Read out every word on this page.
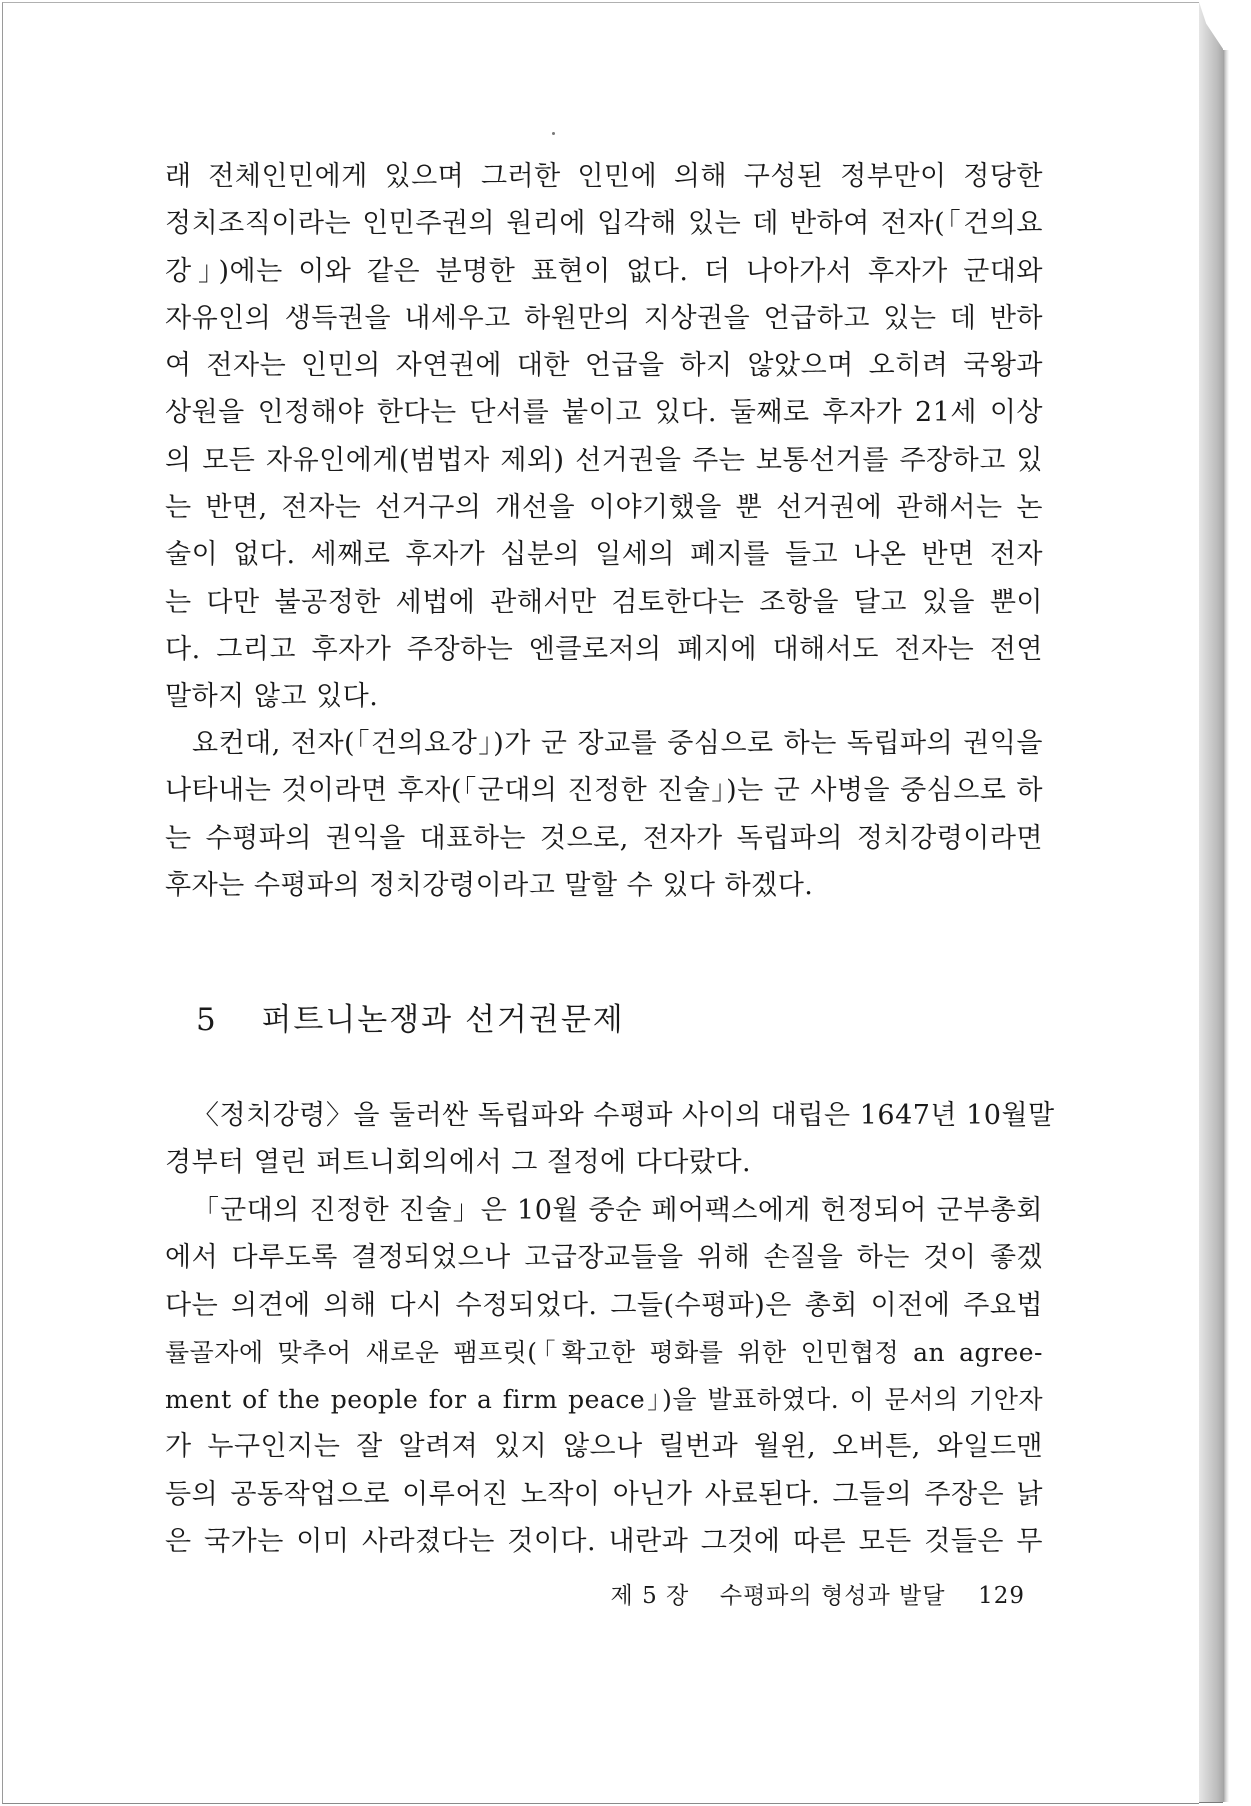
래 전체인민에게 있으며 그러한 인민에 의해 구성된 정부만이 정당한
정치조직이라는 인민주권의 원리에 입각해 있는 데 반하여 전자(「건의요
강」)에는 이와 같은 분명한 표현이 없다. 더 나아가서 후자가 군대와
자유인의 생득권을 내세우고 하원만의 지상권을 언급하고 있는 데 반하
여 전자는 인민의 자연권에 대한 언급을 하지 않았으며 오히려 국왕과
상원을 인정해야 한다는 단서를 붙이고 있다. 둘째로 후자가 21세 이상
의 모든 자유인에게(범법자 제외) 선거권을 주는 보통선거를 주장하고 있
는 반면, 전자는 선거구의 개선을 이야기했을 뿐 선거권에 관해서는 논
술이 없다. 세째로 후자가 십분의 일세의 폐지를 들고 나온 반면 전자
는 다만 불공정한 세법에 관해서만 검토한다는 조항을 달고 있을 뿐이
다. 그리고 후자가 주장하는 엔클로저의 폐지에 대해서도 전자는 전연
말하지 않고 있다.
요컨대, 전자(「건의요강」)가 군 장교를 중심으로 하는 독립파의 권익을
나타내는 것이라면 후자(「군대의 진정한 진술」)는 군 사병을 중심으로 하
는 수평파의 권익을 대표하는 것으로, 전자가 독립파의 정치강령이라면
후자는 수평파의 정치강령이라고 말할 수 있다 하겠다.
5 퍼트니논쟁과 선거권문제
〈정치강령〉을 둘러싼 독립파와 수평파 사이의 대립은 1647년 10월말
경부터 열린 퍼트니회의에서 그 절정에 다다랐다.
「군대의 진정한 진술」은 10월 중순 페어팩스에게 헌정되어 군부총회
에서 다루도록 결정되었으나 고급장교들을 위해 손질을 하는 것이 좋겠
다는 의견에 의해 다시 수정되었다. 그들(수평파)은 총회 이전에 주요법
률골자에 맞추어 새로운 팸프릿(「확고한 평화를 위한 인민협정 an agree-
ment of the people for a firm peace」)을 발표하였다. 이 문서의 기안자
가 누구인지는 잘 알려져 있지 않으나 릴번과 월윈, 오버튼, 와일드맨
등의 공동작업으로 이루어진 노작이 아닌가 사료된다. 그들의 주장은 낡
은 국가는 이미 사라졌다는 것이다. 내란과 그것에 따른 모든 것들은 무
제 5 장 수평파의 형성과 발달 129
